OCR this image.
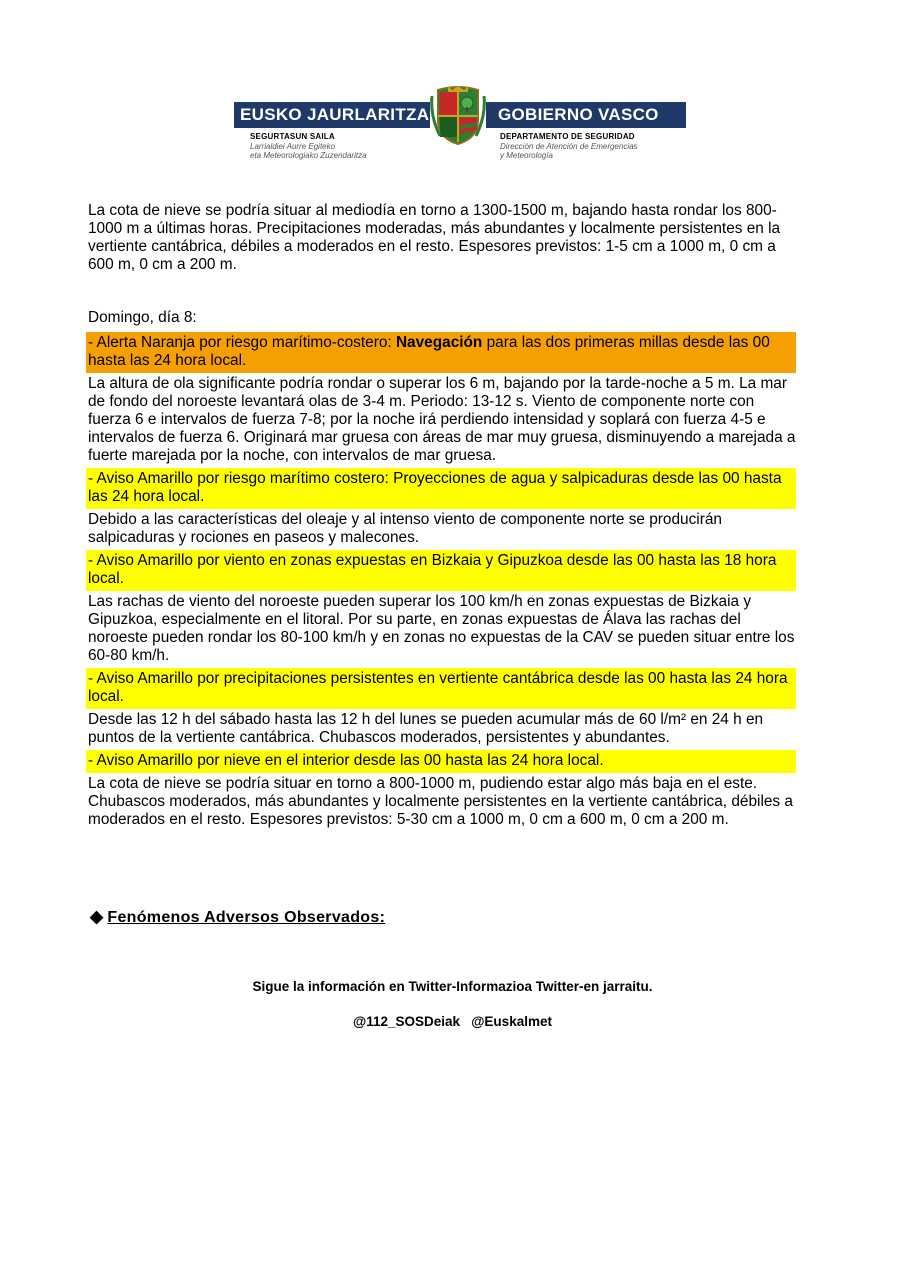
EUSKO JAURLARITZA	GOBIERNO VASCO
SEGURTASUN SAILA
Larrialdiei Aurre Egiteko
eta Meteorologiako Zuzendaritza
DEPARTAMENTO DE SEGURIDAD
Dirección de Atención de Emergencias
y Meteorología

La cota de nieve se podría situar al mediodía en torno a 1300-1500 m, bajando hasta rondar los 800-1000 m a últimas horas. Precipitaciones moderadas, más abundantes y localmente persistentes en la vertiente cantábrica, débiles a moderados en el resto. Espesores previstos: 1-5 cm a 1000 m, 0 cm a 600 m, 0 cm a 200 m.

Domingo, día 8:

- Alerta Naranja por riesgo marítimo-costero: Navegación para las dos primeras millas desde las 00 hasta las 24 hora local.

La altura de ola significante podría rondar o superar los 6 m, bajando por la tarde-noche a 5 m. La mar de fondo del noroeste levantará olas de 3-4 m. Periodo: 13-12 s. Viento de componente norte con fuerza 6 e intervalos de fuerza 7-8; por la noche irá perdiendo intensidad y soplará con fuerza 4-5 e intervalos de fuerza 6. Originará mar gruesa con áreas de mar muy gruesa, disminuyendo a marejada a fuerte marejada por la noche, con intervalos de mar gruesa.

- Aviso Amarillo por riesgo marítimo costero: Proyecciones de agua y salpicaduras desde las 00 hasta las 24 hora local.

Debido a las características del oleaje y al intenso viento de componente norte se producirán salpicaduras y rociones en paseos y malecones.

- Aviso Amarillo por viento en zonas expuestas en Bizkaia y Gipuzkoa desde las 00 hasta las 18 hora local.

Las rachas de viento del noroeste pueden superar los 100 km/h en zonas expuestas de Bizkaia y Gipuzkoa, especialmente en el litoral. Por su parte, en zonas expuestas de Álava las rachas del noroeste pueden rondar los 80-100 km/h y en zonas no expuestas de la CAV se pueden situar entre los 60-80 km/h.

- Aviso Amarillo por precipitaciones persistentes en vertiente cantábrica desde las 00 hasta las 24 hora local.

Desde las 12 h del sábado hasta las 12 h del lunes se pueden acumular más de 60 l/m² en 24 h en puntos de la vertiente cantábrica. Chubascos moderados, persistentes y abundantes.

- Aviso Amarillo por nieve en el interior desde las 00 hasta las 24 hora local.

La cota de nieve se podría situar en torno a 800-1000 m, pudiendo estar algo más baja en el este. Chubascos moderados, más abundantes y localmente persistentes en la vertiente cantábrica, débiles a moderados en el resto. Espesores previstos: 5-30 cm a 1000 m, 0 cm a 600 m, 0 cm a 200 m.

◆ Fenómenos Adversos Observados:
Sigue la información en Twitter-Informazioa Twitter-en jarraitu.
@112_SOSDeiak   @Euskalmet
